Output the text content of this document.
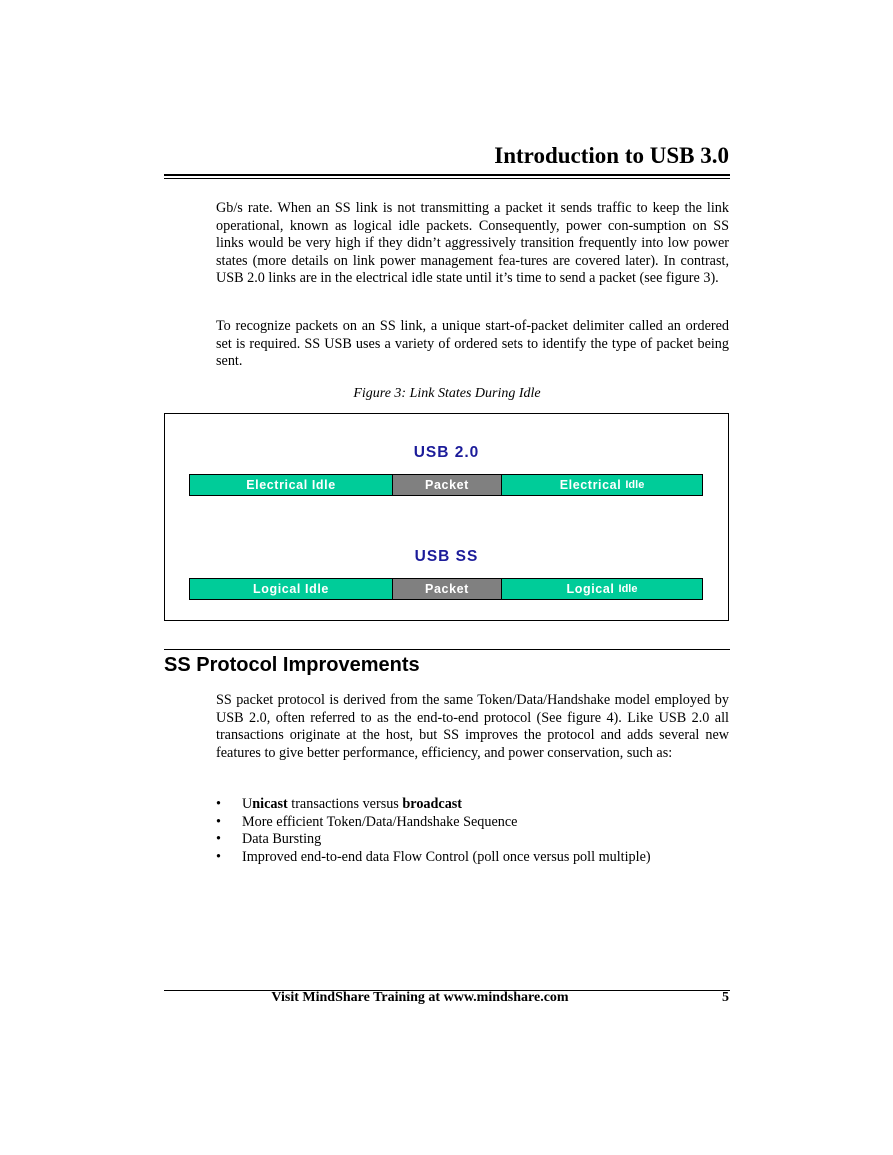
Introduction to USB 3.0

Gb/s rate. When an SS link is not transmitting a packet it sends traffic to keep the link operational, known as logical idle packets. Consequently, power con-sumption on SS links would be very high if they didn’t aggressively transition frequently into low power states (more details on link power management fea-tures are covered later). In contrast, USB 2.0 links are in the electrical idle state until it’s time to send a packet (see figure 3).

To recognize packets on an SS link, a unique start-of-packet delimiter called an ordered set is required. SS USB uses a variety of ordered sets to identify the type of packet being sent.

Figure 3: Link States During Idle
USB 2.0
Electrical Idle	Packet	Electrical Idle
USB SS
Logical Idle	Packet	Logical Idle
SS Protocol Improvements

SS packet protocol is derived from the same Token/Data/Handshake model employed by USB 2.0, often referred to as the end-to-end protocol (See figure 4). Like USB 2.0 all transactions originate at the host, but SS improves the protocol and adds several new features to give better performance, efficiency, and power conservation, such as:

• Unicast transactions versus broadcast
• More efficient Token/Data/Handshake Sequence
• Data Bursting
• Improved end-to-end data Flow Control (poll once versus poll multiple)
Visit MindShare Training at www.mindshare.com	5
